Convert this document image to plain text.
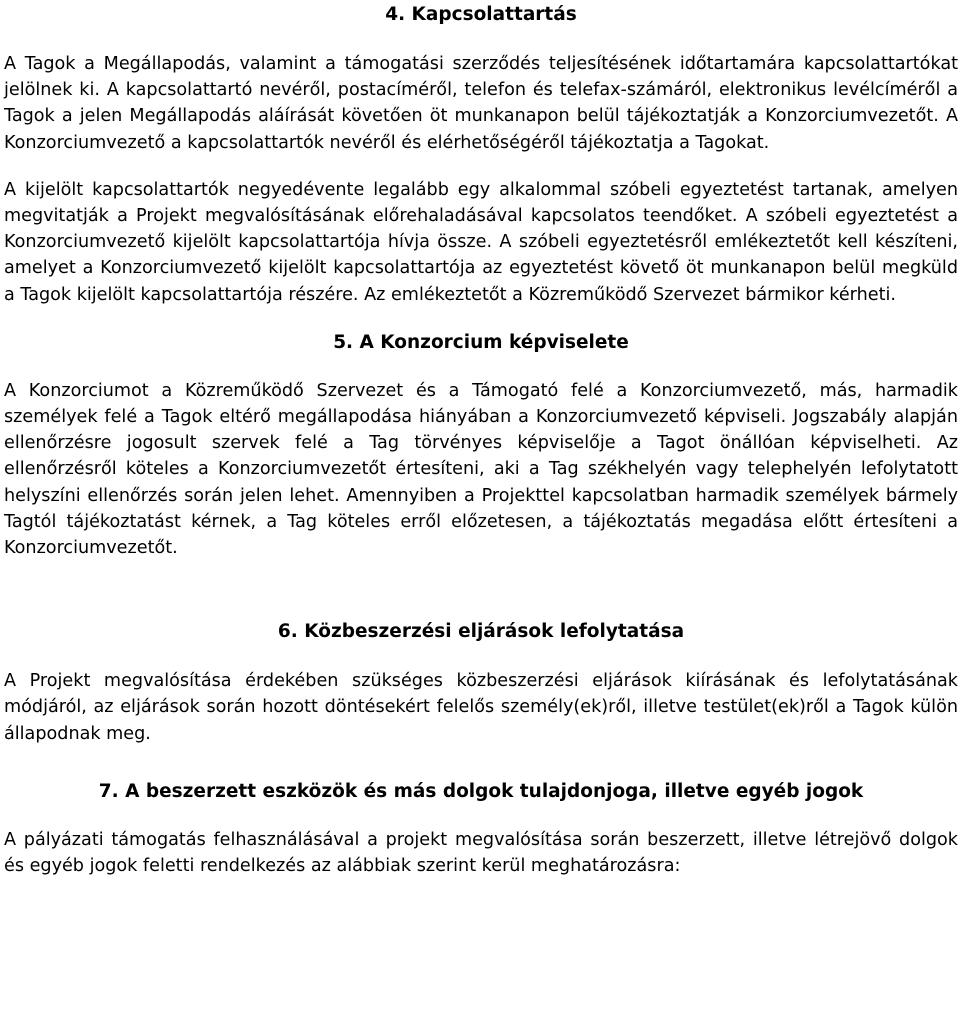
4. Kapcsolattartás

A Tagok a Megállapodás, valamint a támogatási szerződés teljesítésének időtartamára kapcsolattartókat jelölnek ki. A kapcsolattartó nevéről, postacíméről, telefon és telefax-számáról, elektronikus levélcíméről a Tagok a jelen Megállapodás aláírását követően öt munkanapon belül tájékoztatják a Konzorciumvezetőt. A Konzorciumvezető a kapcsolattartók nevéről és elérhetőségéről tájékoztatja a Tagokat.

A kijelölt kapcsolattartók negyedévente legalább egy alkalommal szóbeli egyeztetést tartanak, amelyen megvitatják a Projekt megvalósításának előrehaladásával kapcsolatos teendőket. A szóbeli egyeztetést a Konzorciumvezető kijelölt kapcsolattartója hívja össze. A szóbeli egyeztetésről emlékeztetőt kell készíteni, amelyet a Konzorciumvezető kijelölt kapcsolattartója az egyeztetést követő öt munkanapon belül megküld a Tagok kijelölt kapcsolattartója részére. Az emlékeztetőt a Közreműködő Szervezet bármikor kérheti.

5. A Konzorcium képviselete

A Konzorciumot a Közreműködő Szervezet és a Támogató felé a Konzorciumvezető, más, harmadik személyek felé a Tagok eltérő megállapodása hiányában a Konzorciumvezető képviseli. Jogszabály alapján ellenőrzésre jogosult szervek felé a Tag törvényes képviselője a Tagot önállóan képviselheti. Az ellenőrzésről köteles a Konzorciumvezetőt értesíteni, aki a Tag székhelyén vagy telephelyén lefolytatott helyszíni ellenőrzés során jelen lehet. Amennyiben a Projekttel kapcsolatban harmadik személyek bármely Tagtól tájékoztatást kérnek, a Tag köteles erről előzetesen, a tájékoztatás megadása előtt értesíteni a Konzorciumvezetőt.

6. Közbeszerzési eljárások lefolytatása

A Projekt megvalósítása érdekében szükséges közbeszerzési eljárások kiírásának és lefolytatásának módjáról, az eljárások során hozott döntésekért felelős személy(ek)ről, illetve testület(ek)ről a Tagok külön állapodnak meg.

7. A beszerzett eszközök és más dolgok tulajdonjoga, illetve egyéb jogok

A pályázati támogatás felhasználásával a projekt megvalósítása során beszerzett, illetve létrejövő dolgok és egyéb jogok feletti rendelkezés az alábbiak szerint kerül meghatározásra:
